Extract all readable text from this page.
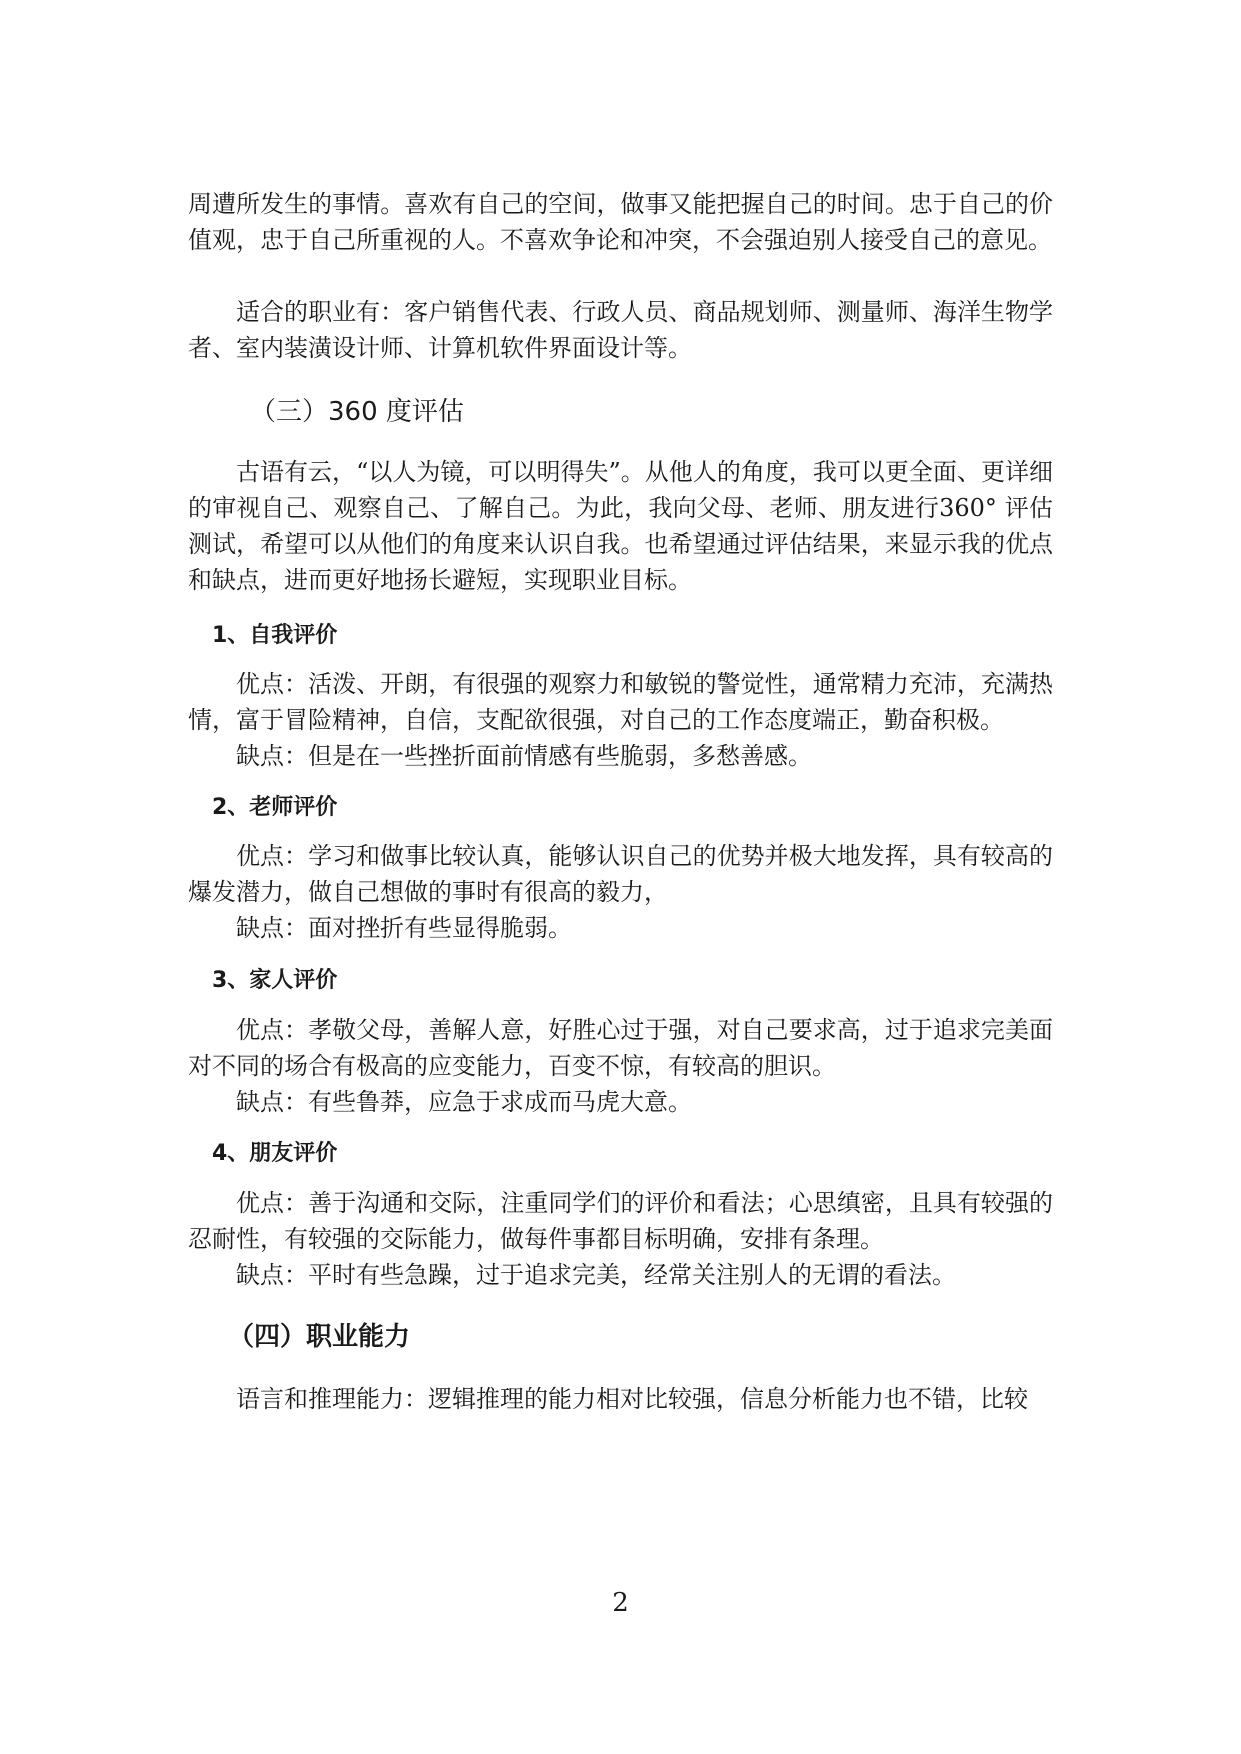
周遭所发生的事情。喜欢有自己的空间，做事又能把握自己的时间。忠于自己的价值观，忠于自己所重视的人。不喜欢争论和冲突，不会强迫别人接受自己的意见。

适合的职业有：客户销售代表、行政人员、商品规划师、测量师、海洋生物学者、室内装潢设计师、计算机软件界面设计等。

（三）360 度评估

古语有云，“以人为镜，可以明得失”。从他人的角度，我可以更全面、更详细的审视自己、观察自己、了解自己。为此，我向父母、老师、朋友进行360° 评估测试，希望可以从他们的角度来认识自我。也希望通过评估结果，来显示我的优点和缺点，进而更好地扬长避短，实现职业目标。

1、自我评价

优点：活泼、开朗，有很强的观察力和敏锐的警觉性，通常精力充沛，充满热情，富于冒险精神，自信，支配欲很强，对自己的工作态度端正，勤奋积极。

缺点：但是在一些挫折面前情感有些脆弱，多愁善感。

2、老师评价

优点：学习和做事比较认真，能够认识自己的优势并极大地发挥，具有较高的爆发潜力，做自己想做的事时有很高的毅力，

缺点：面对挫折有些显得脆弱。

3、家人评价

优点：孝敬父母，善解人意，好胜心过于强，对自己要求高，过于追求完美面对不同的场合有极高的应变能力，百变不惊，有较高的胆识。

缺点：有些鲁莽，应急于求成而马虎大意。

4、朋友评价

优点：善于沟通和交际，注重同学们的评价和看法；心思缜密，且具有较强的忍耐性，有较强的交际能力，做每件事都目标明确，安排有条理。

缺点：平时有些急躁，过于追求完美，经常关注别人的无谓的看法。

（四）职业能力

语言和推理能力：逻辑推理的能力相对比较强，信息分析能力也不错，比较

2
